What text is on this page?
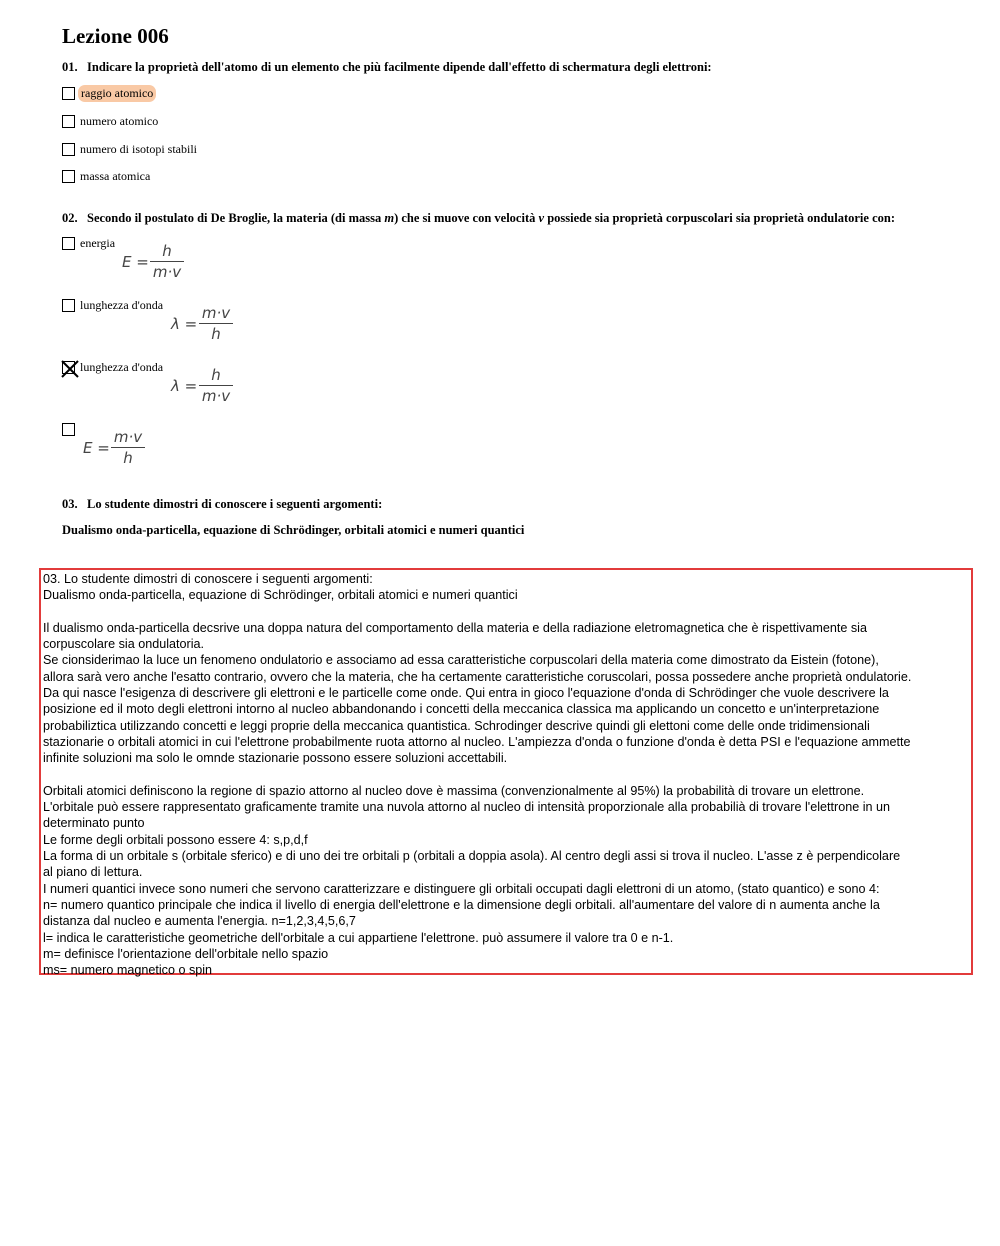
Lezione 006
01. Indicare la proprietà dell'atomo di un elemento che più facilmente dipende dall'effetto di schermatura degli elettroni:
raggio atomico
numero atomico
numero di isotopi stabili
massa atomica
02. Secondo il postulato di De Broglie, la materia (di massa m) che si muove con velocità v possiede sia proprietà corpuscolari sia proprietà ondulatorie con:
energia
E =
h
m·v
lunghezza d'onda
λ =
m·v
h
lunghezza d'onda
λ =
h
m·v
E =
m·v
h
03. Lo studente dimostri di conoscere i seguenti argomenti:
Dualismo onda-particella, equazione di Schrödinger, orbitali atomici e numeri quantici
03. Lo studente dimostri di conoscere i seguenti argomenti:
Dualismo onda-particella, equazione di Schrödinger, orbitali atomici e numeri quantici
Il dualismo onda-particella decsrive una doppa natura del comportamento della materia e della radiazione eletromagnetica che è rispettivamente sia
corpuscolare sia ondulatoria.
Se cionsiderimao la luce un fenomeno ondulatorio e associamo ad essa caratteristiche corpuscolari della materia come dimostrato da Eistein (fotone),
allora sarà vero anche l'esatto contrario, ovvero che la materia, che ha certamente caratteristiche coruscolari, possa possedere anche proprietà ondulatorie.
Da qui nasce l'esigenza di descrivere gli elettroni e le particelle come onde. Qui entra in gioco l'equazione d'onda di Schrödinger che vuole descrivere la
posizione ed il moto degli elettroni intorno al nucleo abbandonando i concetti della meccanica classica ma applicando un concetto e un'interpretazione
probabiliztica utilizzando concetti e leggi proprie della meccanica quantistica. Schrodinger descrive quindi gli elettoni come delle onde tridimensionali
stazionarie o orbitali atomici in cui l'elettrone probabilmente ruota attorno al nucleo. L'ampiezza d'onda o funzione d'onda è detta PSI e l'equazione ammette
infinite soluzioni ma solo le omnde stazionarie possono essere soluzioni accettabili.
Orbitali atomici definiscono la regione di spazio attorno al nucleo dove è massima (convenzionalmente al 95%) la probabilità di trovare un elettrone.
L'orbitale può essere rappresentato graficamente tramite una nuvola attorno al nucleo di intensità proporzionale alla probabilià di trovare l'elettrone in un
determinato punto
Le forme degli orbitali possono essere 4: s,p,d,f
La forma di un orbitale s (orbitale sferico) e di uno dei tre orbitali p (orbitali a doppia asola). Al centro degli assi si trova il nucleo. L'asse z è perpendicolare
al piano di lettura.
I numeri quantici invece sono numeri che servono caratterizzare e distinguere gli orbitali occupati dagli elettroni di un atomo, (stato quantico) e sono 4:
n= numero quantico principale che indica il livello di energia dell'elettrone e la dimensione degli orbitali. all'aumentare del valore di n aumenta anche la
distanza dal nucleo e aumenta l'energia. n=1,2,3,4,5,6,7
l= indica le caratteristiche geometriche dell'orbitale a cui appartiene l'elettrone. può assumere il valore tra 0 e n-1.
m= definisce l'orientazione dell'orbitale nello spazio
ms= numero magnetico o spin
